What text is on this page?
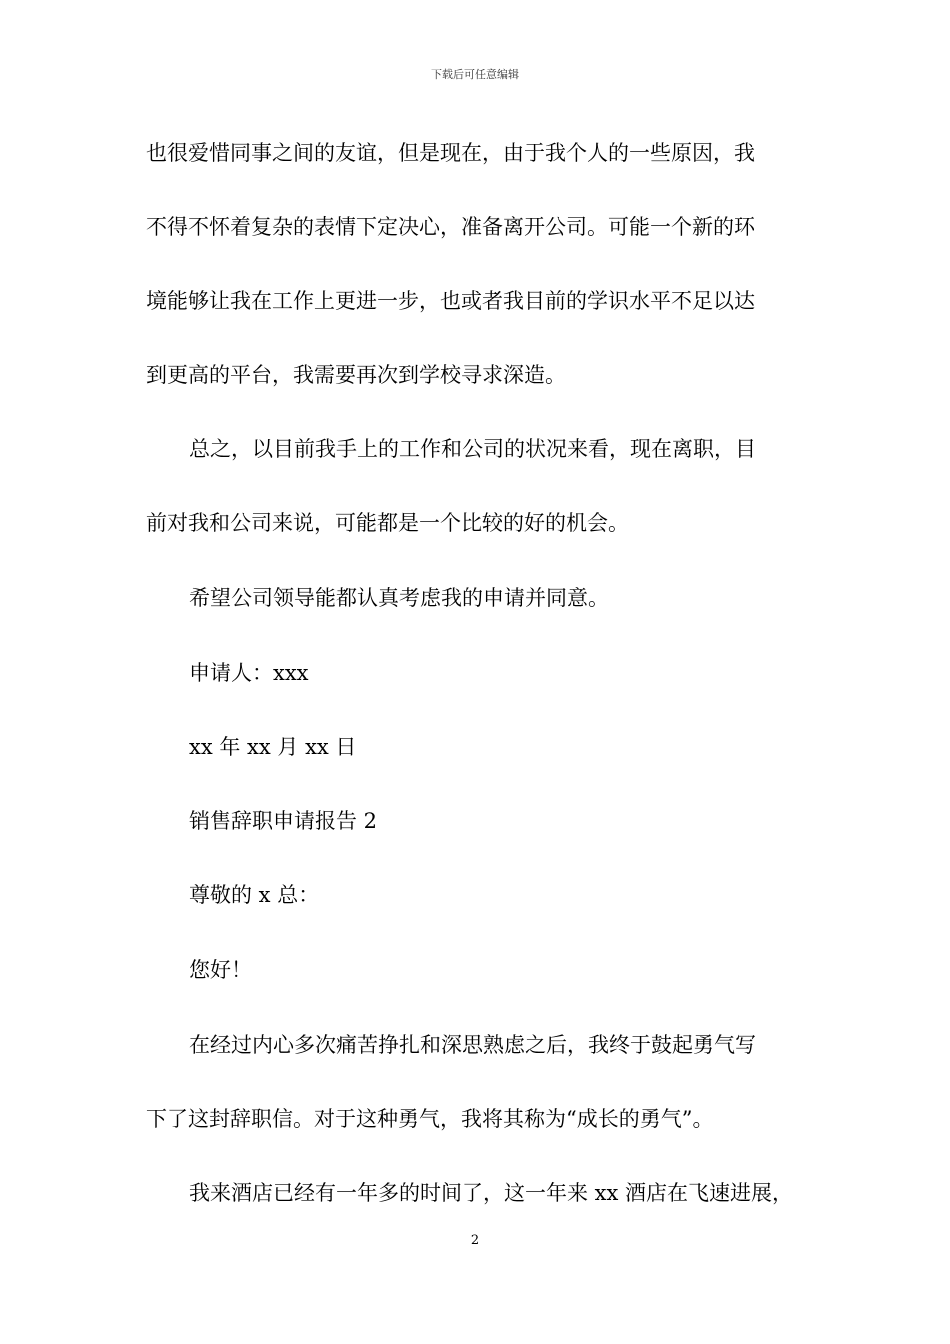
下载后可任意编辑
也很爱惜同事之间的友谊，但是现在，由于我个人的一些原因，我
不得不怀着复杂的表情下定决心，准备离开公司。可能一个新的环
境能够让我在工作上更进一步，也或者我目前的学识水平不足以达
到更高的平台，我需要再次到学校寻求深造。
总之，以目前我手上的工作和公司的状况来看，现在离职，目
前对我和公司来说，可能都是一个比较的好的机会。
希望公司领导能都认真考虑我的申请并同意。
申请人：xxx
xx 年 xx 月 xx 日
销售辞职申请报告 2
尊敬的 x 总：
您好！
在经过内心多次痛苦挣扎和深思熟虑之后，我终于鼓起勇气写
下了这封辞职信。对于这种勇气，我将其称为“成长的勇气”。
我来酒店已经有一年多的时间了，这一年来 xx 酒店在飞速进展，
2
